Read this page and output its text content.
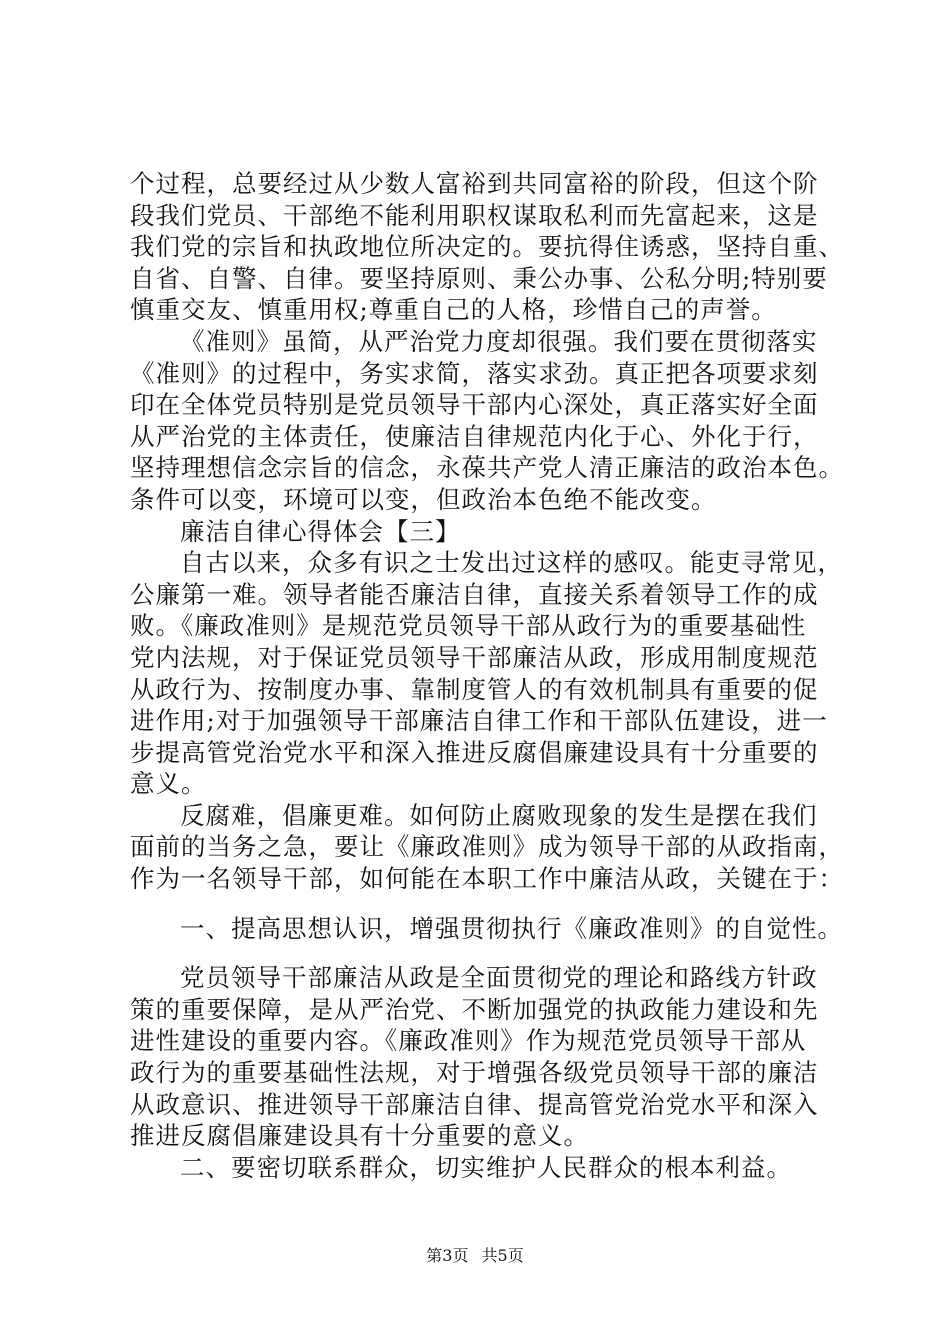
个过程，总要经过从少数人富裕到共同富裕的阶段，但这个阶
段我们党员、干部绝不能利用职权谋取私利而先富起来，这是
我们党的宗旨和执政地位所决定的。要抗得住诱惑，坚持自重、
自省、自警、自律。要坚持原则、秉公办事、公私分明;特别要
慎重交友、慎重用权;尊重自己的人格，珍惜自己的声誉。
《准则》虽简，从严治党力度却很强。我们要在贯彻落实
《准则》的过程中，务实求简，落实求劲。真正把各项要求刻
印在全体党员特别是党员领导干部内心深处，真正落实好全面
从严治党的主体责任，使廉洁自律规范内化于心、外化于行，
坚持理想信念宗旨的信念，永葆共产党人清正廉洁的政治本色。
条件可以变，环境可以变，但政治本色绝不能改变。
廉洁自律心得体会【三】
自古以来，众多有识之士发出过这样的感叹。能吏寻常见，
公廉第一难。领导者能否廉洁自律，直接关系着领导工作的成
败。《廉政准则》是规范党员领导干部从政行为的重要基础性
党内法规，对于保证党员领导干部廉洁从政，形成用制度规范
从政行为、按制度办事、靠制度管人的有效机制具有重要的促
进作用;对于加强领导干部廉洁自律工作和干部队伍建设，进一
步提高管党治党水平和深入推进反腐倡廉建设具有十分重要的
意义。
反腐难，倡廉更难。如何防止腐败现象的发生是摆在我们
面前的当务之急，要让《廉政准则》成为领导干部的从政指南，
作为一名领导干部，如何能在本职工作中廉洁从政，关键在于：
一、提高思想认识，增强贯彻执行《廉政准则》的自觉性。
党员领导干部廉洁从政是全面贯彻党的理论和路线方针政
策的重要保障，是从严治党、不断加强党的执政能力建设和先
进性建设的重要内容。《廉政准则》作为规范党员领导干部从
政行为的重要基础性法规，对于增强各级党员领导干部的廉洁
从政意识、推进领导干部廉洁自律、提高管党治党水平和深入
推进反腐倡廉建设具有十分重要的意义。
二、要密切联系群众，切实维护人民群众的根本利益。
第3页 共5页
